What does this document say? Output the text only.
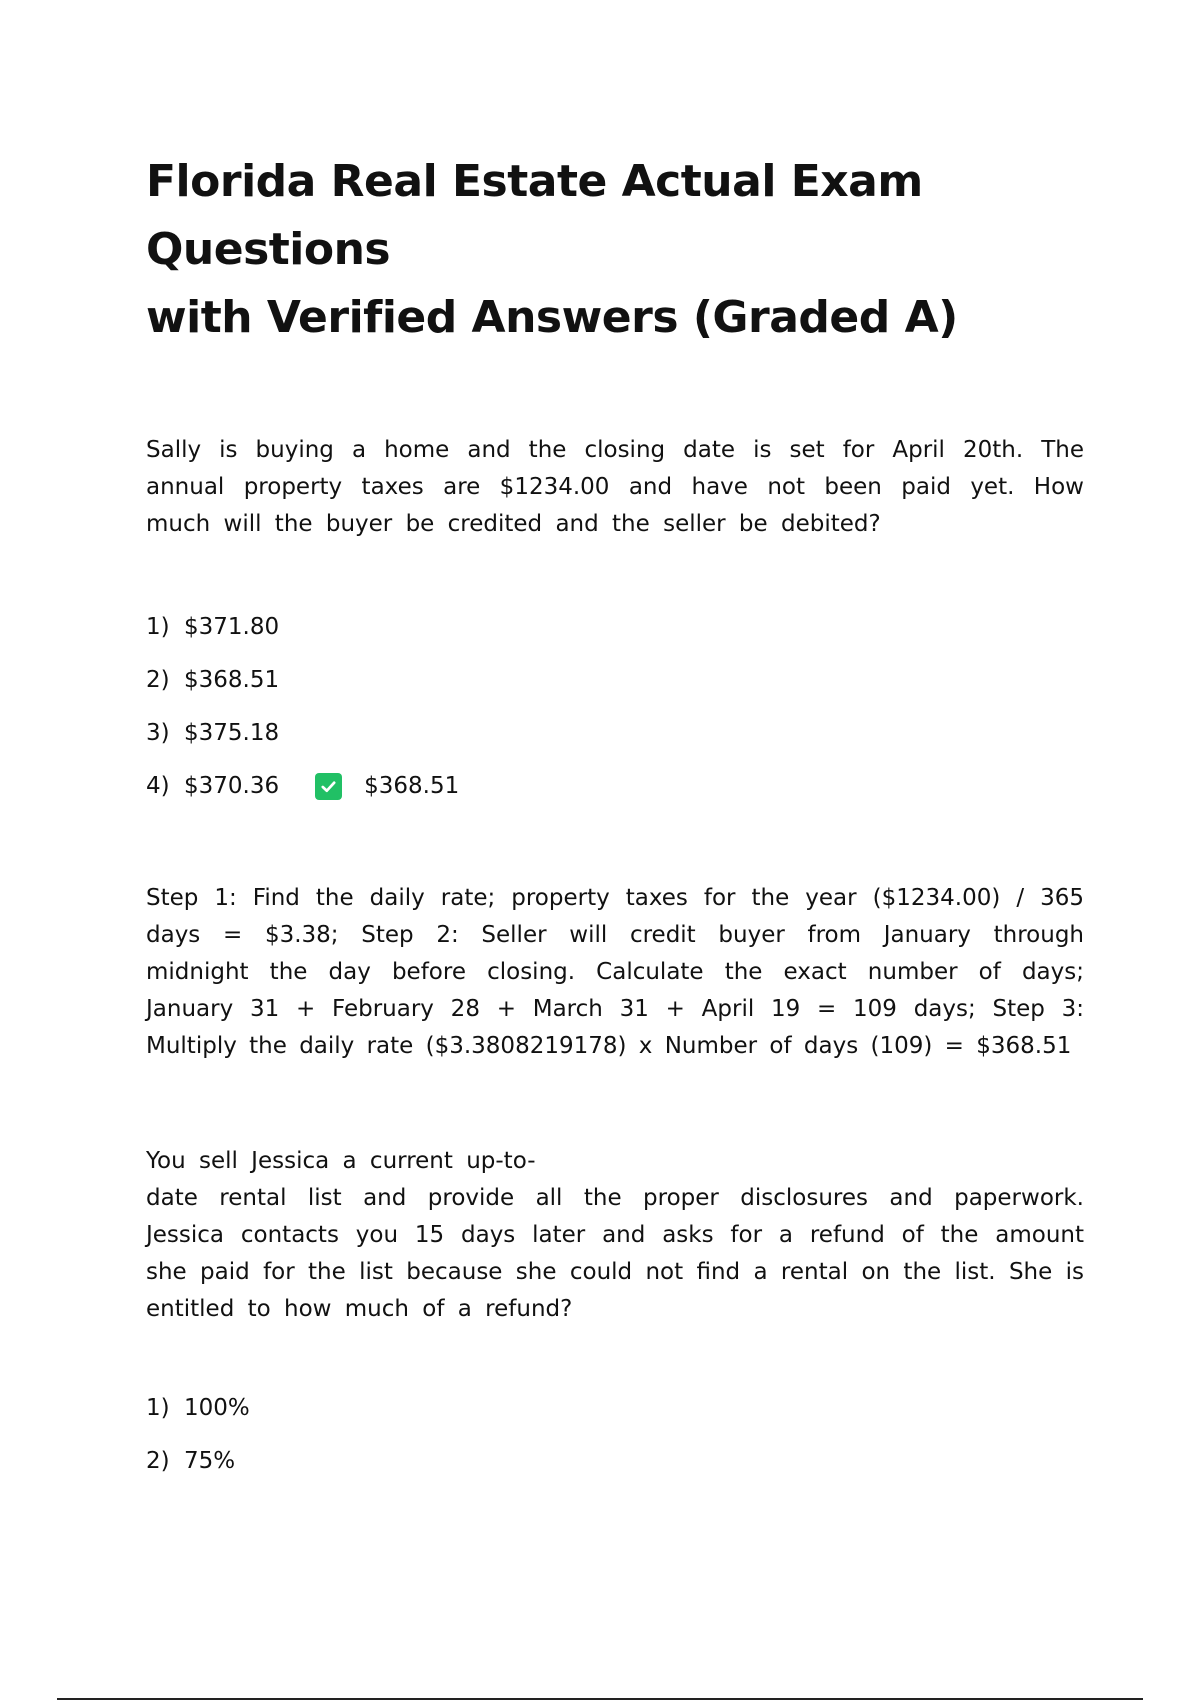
Florida Real Estate Actual Exam Questions
with Verified Answers (Graded A)

Sally is buying a home and the closing date is set for April 20th. The annual property taxes are $1234.00 and have not been paid yet. How much will the buyer be credited and the seller be debited?

1) $371.80
2) $368.51
3) $375.18
4) $370.36	$368.51

Step 1: Find the daily rate; property taxes for the year ($1234.00) / 365 days = $3.38; Step 2: Seller will credit buyer from January through midnight the day before closing. Calculate the exact number of days; January 31 + February 28 + March 31 + April 19 = 109 days; Step 3: Multiply the daily rate ($3.3808219178) x Number of days (109) = $368.51

You sell Jessica a current up-to-
date rental list and provide all the proper disclosures and paperwork. Jessica contacts you 15 days later and asks for a refund of the amount she paid for the list because she could not find a rental on the list. She is entitled to how much of a refund?

1) 100%
2) 75%
